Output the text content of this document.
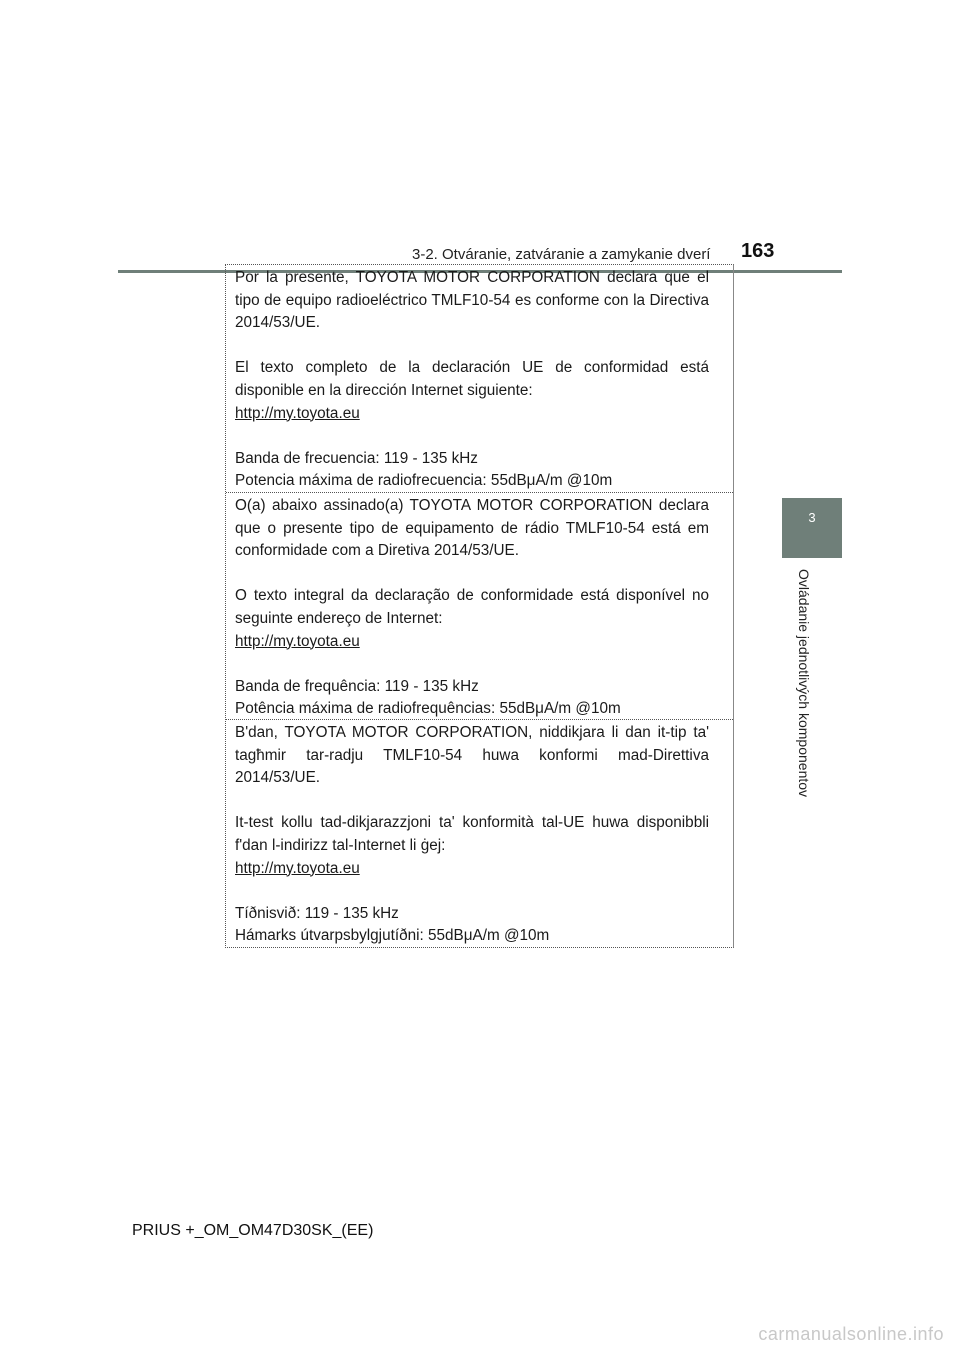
3-2. Otváranie, zatváranie a zamykanie dverí 163
3
Ovládanie jednotlivých komponentov

Por la presente, TOYOTA MOTOR CORPORATION declara que el tipo de equipo radioeléctrico TMLF10-54 es conforme con la Directiva 2014/53/UE.

El texto completo de la declaración UE de conformidad está disponible en la dirección Internet siguiente:

http://my.toyota.eu

Banda de frecuencia: 119 - 135 kHz

Potencia máxima de radiofrecuencia: 55dBμA/m @10m

O(a) abaixo assinado(a) TOYOTA MOTOR CORPORATION declara que o presente tipo de equipamento de rádio TMLF10-54 está em conformidade com a Diretiva 2014/53/UE.

O texto integral da declaração de conformidade está disponível no seguinte endereço de Internet:

http://my.toyota.eu

Banda de frequência: 119 - 135 kHz

Potência máxima de radiofrequências: 55dBμA/m @10m

B'dan, TOYOTA MOTOR CORPORATION, niddikjara li dan it-tip ta' tagħmir tar-radju TMLF10-54 huwa konformi mad-Direttiva 2014/53/UE.

It-test kollu tad-dikjarazzjoni ta' konformità tal-UE huwa disponibbli f'dan l-indirizz tal-Internet li ġej:

http://my.toyota.eu

Tíðnisvið: 119 - 135 kHz

Hámarks útvarpsbylgjutíðni: 55dBμA/m @10m

PRIUS +_OM_OM47D30SK_(EE)
carmanualsonline.info
